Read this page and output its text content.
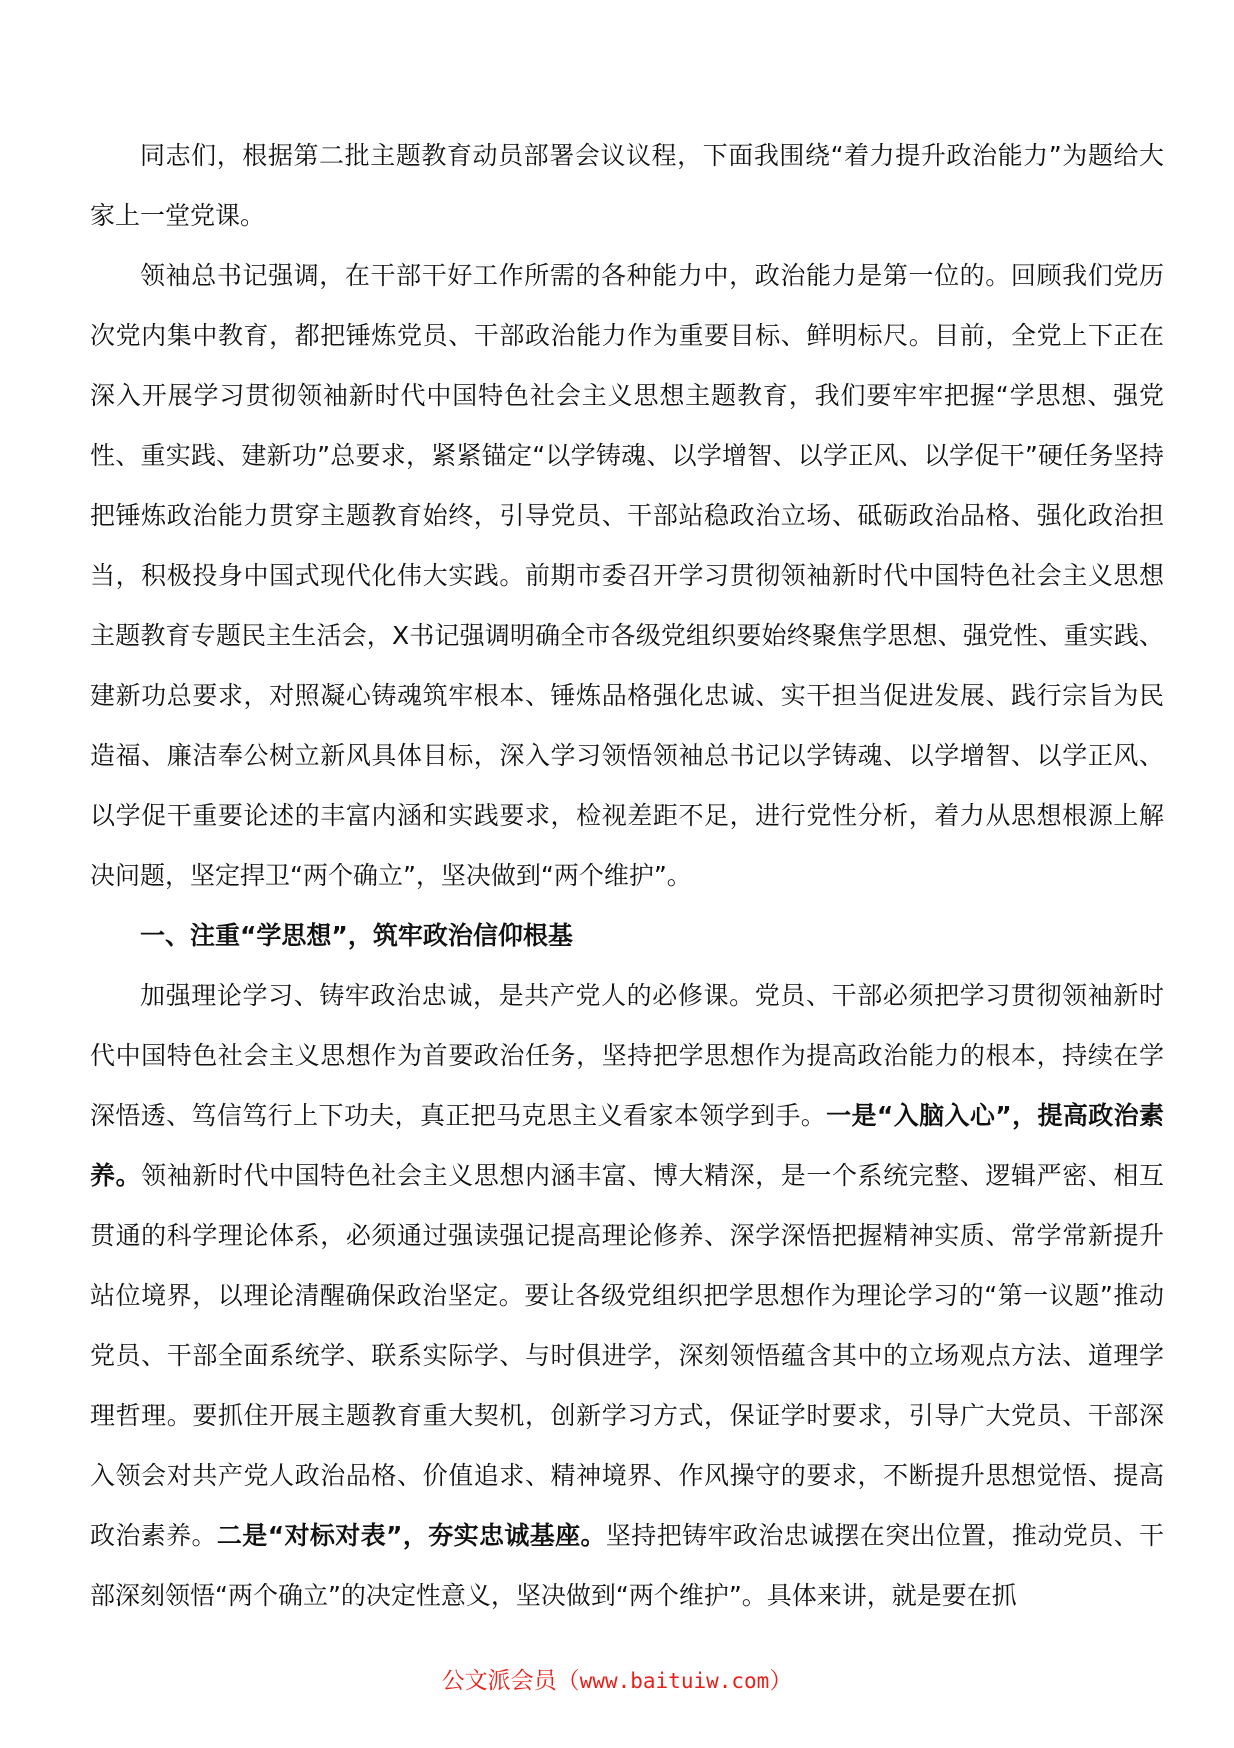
同志们，根据第二批主题教育动员部署会议议程，下面我围绕“着力提升政治能力”为题给大家上一堂党课。

领袖总书记强调，在干部干好工作所需的各种能力中，政治能力是第一位的。回顾我们党历次党内集中教育，都把锤炼党员、干部政治能力作为重要目标、鲜明标尺。目前，全党上下正在深入开展学习贯彻领袖新时代中国特色社会主义思想主题教育，我们要牢牢把握“学思想、强党性、重实践、建新功”总要求，紧紧锚定“以学铸魂、以学增智、以学正风、以学促干”硬任务坚持把锤炼政治能力贯穿主题教育始终，引导党员、干部站稳政治立场、砥砺政治品格、强化政治担当，积极投身中国式现代化伟大实践。前期市委召开学习贯彻领袖新时代中国特色社会主义思想主题教育专题民主生活会，X书记强调明确全市各级党组织要始终聚焦学思想、强党性、重实践、建新功总要求，对照凝心铸魂筑牢根本、锤炼品格强化忠诚、实干担当促进发展、践行宗旨为民造福、廉洁奉公树立新风具体目标，深入学习领悟领袖总书记以学铸魂、以学增智、以学正风、以学促干重要论述的丰富内涵和实践要求，检视差距不足，进行党性分析，着力从思想根源上解决问题，坚定捍卫“两个确立”，坚决做到“两个维护”。

一、注重“学思想”，筑牢政治信仰根基

加强理论学习、铸牢政治忠诚，是共产党人的必修课。党员、干部必须把学习贯彻领袖新时代中国特色社会主义思想作为首要政治任务，坚持把学思想作为提高政治能力的根本，持续在学深悟透、笃信笃行上下功夫，真正把马克思主义看家本领学到手。一是“入脑入心”，提高政治素养。领袖新时代中国特色社会主义思想内涵丰富、博大精深，是一个系统完整、逻辑严密、相互贯通的科学理论体系，必须通过强读强记提高理论修养、深学深悟把握精神实质、常学常新提升站位境界，以理论清醒确保政治坚定。要让各级党组织把学思想作为理论学习的“第一议题”推动党员、干部全面系统学、联系实际学、与时俱进学，深刻领悟蕴含其中的立场观点方法、道理学理哲理。要抓住开展主题教育重大契机，创新学习方式，保证学时要求，引导广大党员、干部深入领会对共产党人政治品格、价值追求、精神境界、作风操守的要求，不断提升思想觉悟、提高政治素养。二是“对标对表”，夯实忠诚基座。坚持把铸牢政治忠诚摆在突出位置，推动党员、干部深刻领悟“两个确立”的决定性意义，坚决做到“两个维护”。具体来讲，就是要在抓

公文派会员（www.baituiw.com）
